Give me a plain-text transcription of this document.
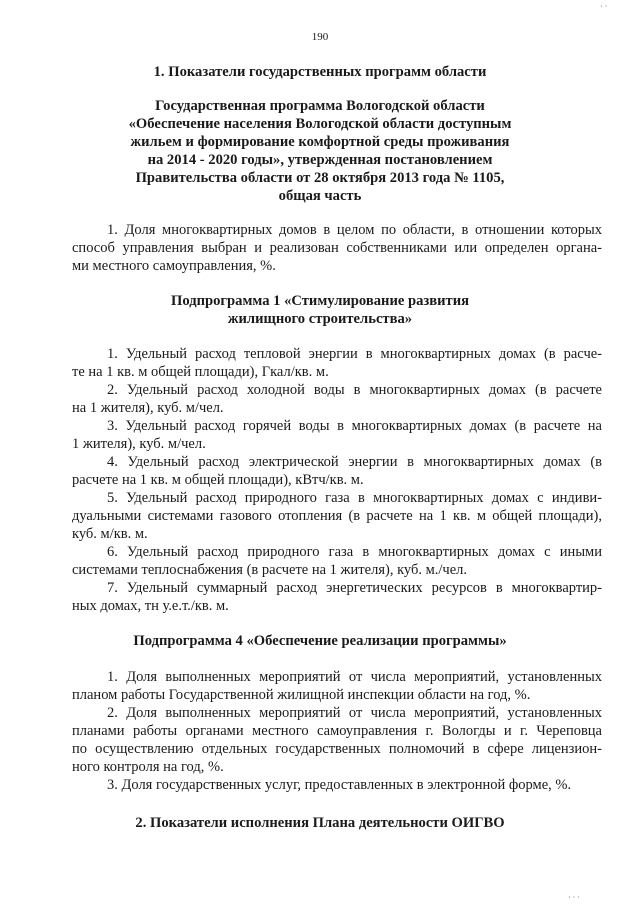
· ·
190
1. Показатели государственных программ области
Государственная программа Вологодской области
«Обеспечение населения Вологодской области доступным
жильем и формирование комфортной среды проживания
на 2014 - 2020 годы», утвержденная постановлением
Правительства области от 28 октября 2013 года № 1105,
общая часть
1. Доля многоквартирных домов в целом по области, в отношении которых
способ управления выбран и реализован собственниками или определен органа-
ми местного самоуправления, %.
Подпрограмма 1 «Стимулирование развития
жилищного строительства»
1. Удельный расход тепловой энергии в многоквартирных домах (в расче-
те на 1 кв. м общей площади), Гкал/кв. м.
2. Удельный расход холодной воды в многоквартирных домах (в расчете
на 1 жителя), куб. м/чел.
3. Удельный расход горячей воды в многоквартирных домах (в расчете на
1 жителя), куб. м/чел.
4. Удельный расход электрической энергии в многоквартирных домах (в
расчете на 1 кв. м общей площади), кВтч/кв. м.
5. Удельный расход природного газа в многоквартирных домах с индиви-
дуальными системами газового отопления (в расчете на 1 кв. м общей площади),
куб. м/кв. м.
6. Удельный расход природного газа в многоквартирных домах с иными
системами теплоснабжения (в расчете на 1 жителя), куб. м./чел.
7. Удельный суммарный расход энергетических ресурсов в многоквартир-
ных домах, тн у.е.т./кв. м.
Подпрограмма 4 «Обеспечение реализации программы»
1. Доля выполненных мероприятий от числа мероприятий, установленных
планом работы Государственной жилищной инспекции области на год, %.
2. Доля выполненных мероприятий от числа мероприятий, установленных
планами работы органами местного самоуправления г. Вологды и г. Череповца
по осуществлению отдельных государственных полномочий в сфере лицензион-
ного контроля на год, %.
3. Доля государственных услуг, предоставленных в электронной форме, %.
2. Показатели исполнения Плана деятельности ОИГВО
· · ·
